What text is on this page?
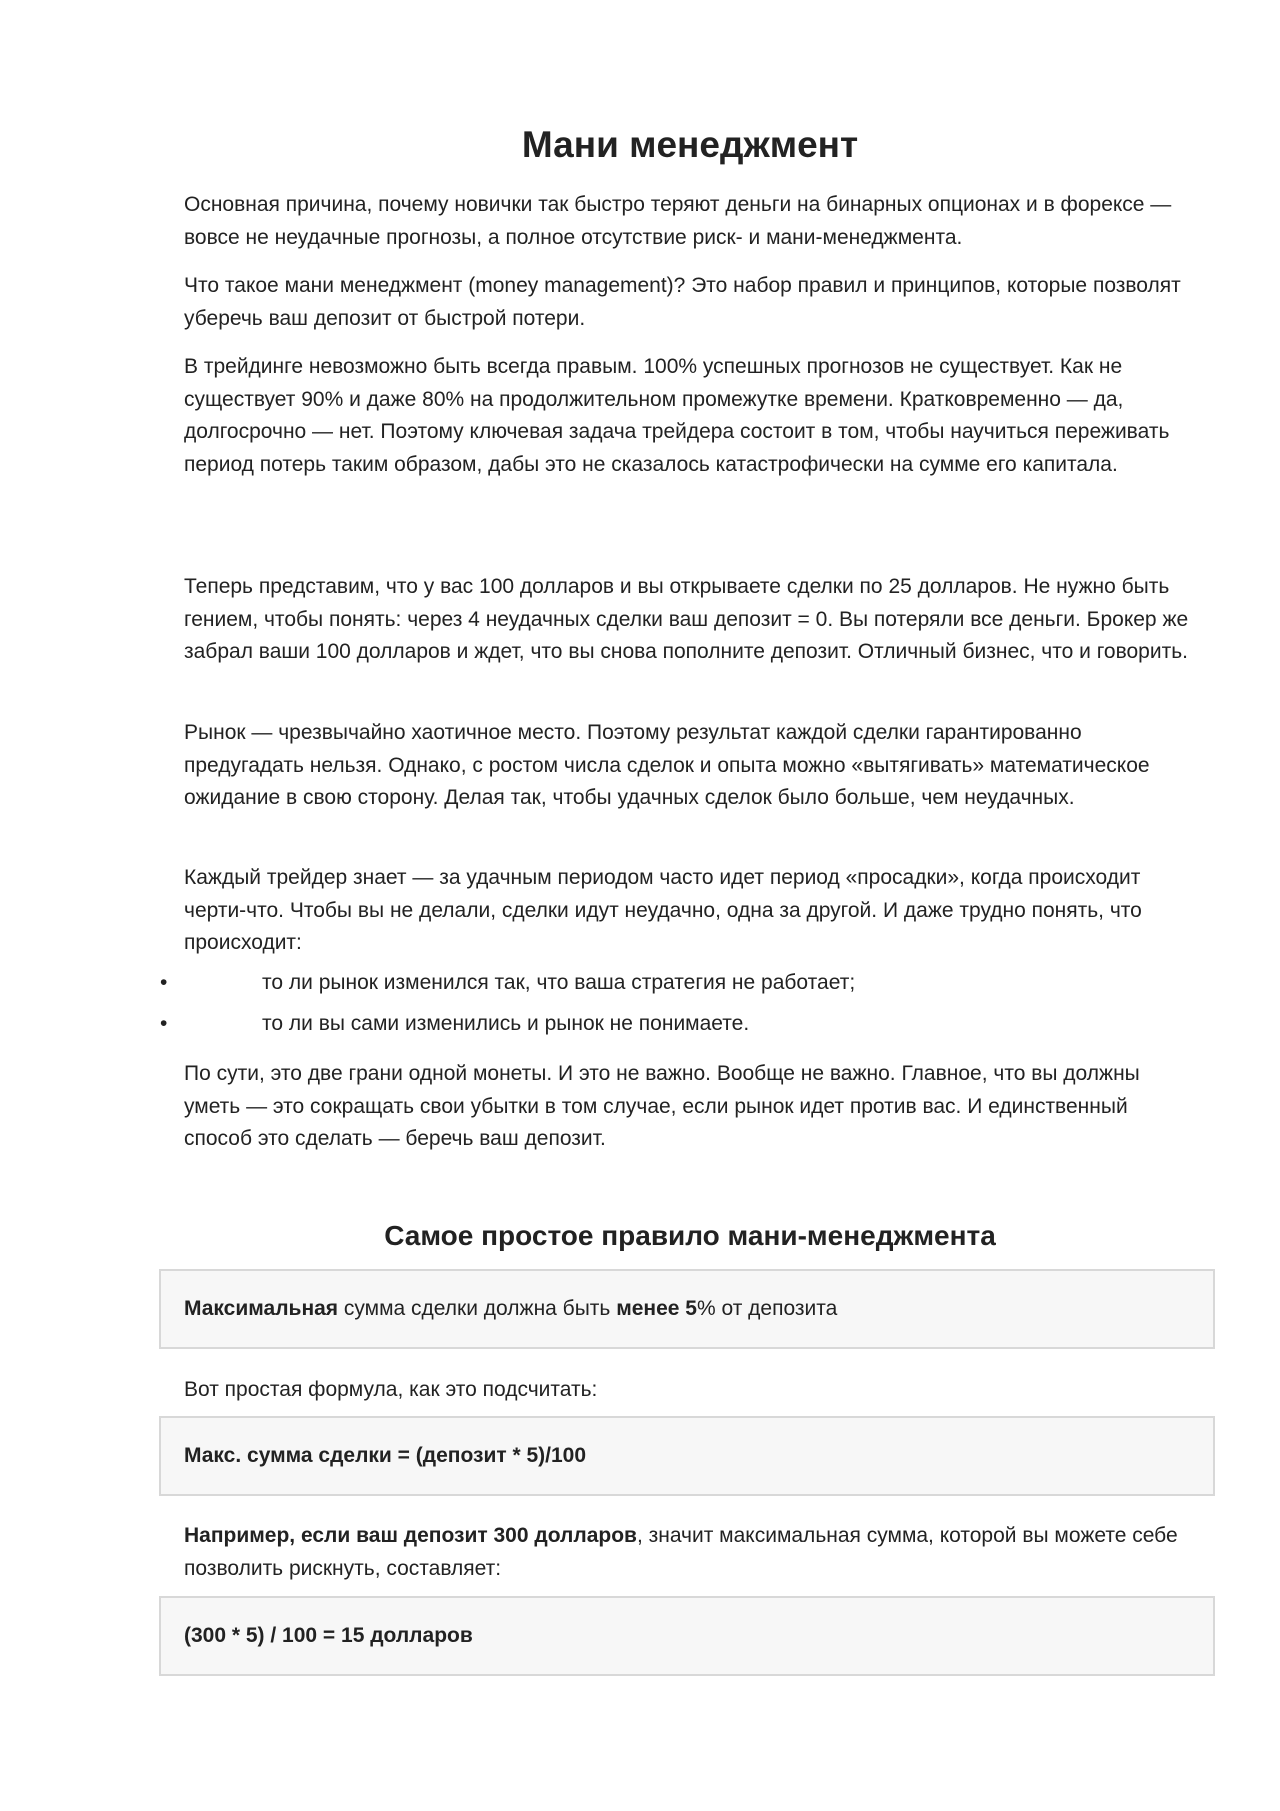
Мани менеджмент

Основная причина, почему новички так быстро теряют деньги на бинарных опционах и в форексе — вовсе не неудачные прогнозы, а полное отсутствие риск- и мани-менеджмента.

Что такое мани менеджмент (money management)? Это набор правил и принципов, которые позволят уберечь ваш депозит от быстрой потери.

В трейдинге невозможно быть всегда правым. 100% успешных прогнозов не существует. Как не существует 90% и даже 80% на продолжительном промежутке времени. Кратковременно — да, долгосрочно — нет. Поэтому ключевая задача трейдера состоит в том, чтобы научиться переживать период потерь таким образом, дабы это не сказалось катастрофически на сумме его капитала.

Теперь представим, что у вас 100 долларов и вы открываете сделки по 25 долларов. Не нужно быть гением, чтобы понять: через 4 неудачных сделки ваш депозит = 0. Вы потеряли все деньги. Брокер же забрал ваши 100 долларов и ждет, что вы снова пополните депозит. Отличный бизнес, что и говорить.

Рынок — чрезвычайно хаотичное место. Поэтому результат каждой сделки гарантированно предугадать нельзя. Однако, с ростом числа сделок и опыта можно «вытягивать» математическое ожидание в свою сторону. Делая так, чтобы удачных сделок было больше, чем неудачных.

Каждый трейдер знает — за удачным периодом часто идет период «просадки», когда происходит черти-что. Чтобы вы не делали, сделки идут неудачно, одна за другой. И даже трудно понять, что происходит:

•	то ли рынок изменился так, что ваша стратегия не работает;
•	то ли вы сами изменились и рынок не понимаете.

По сути, это две грани одной монеты. И это не важно. Вообще не важно. Главное, что вы должны уметь — это сокращать свои убытки в том случае, если рынок идет против вас. И единственный способ это сделать — беречь ваш депозит.

Самое простое правило мани-менеджмента
Максимальная сумма сделки должна быть менее 5% от депозита

Вот простая формула, как это подсчитать:

Макс. сумма сделки = (депозит * 5)/100

Например, если ваш депозит 300 долларов, значит максимальная сумма, которой вы можете себе позволить рискнуть, составляет:

(300 * 5) / 100 = 15 долларов
